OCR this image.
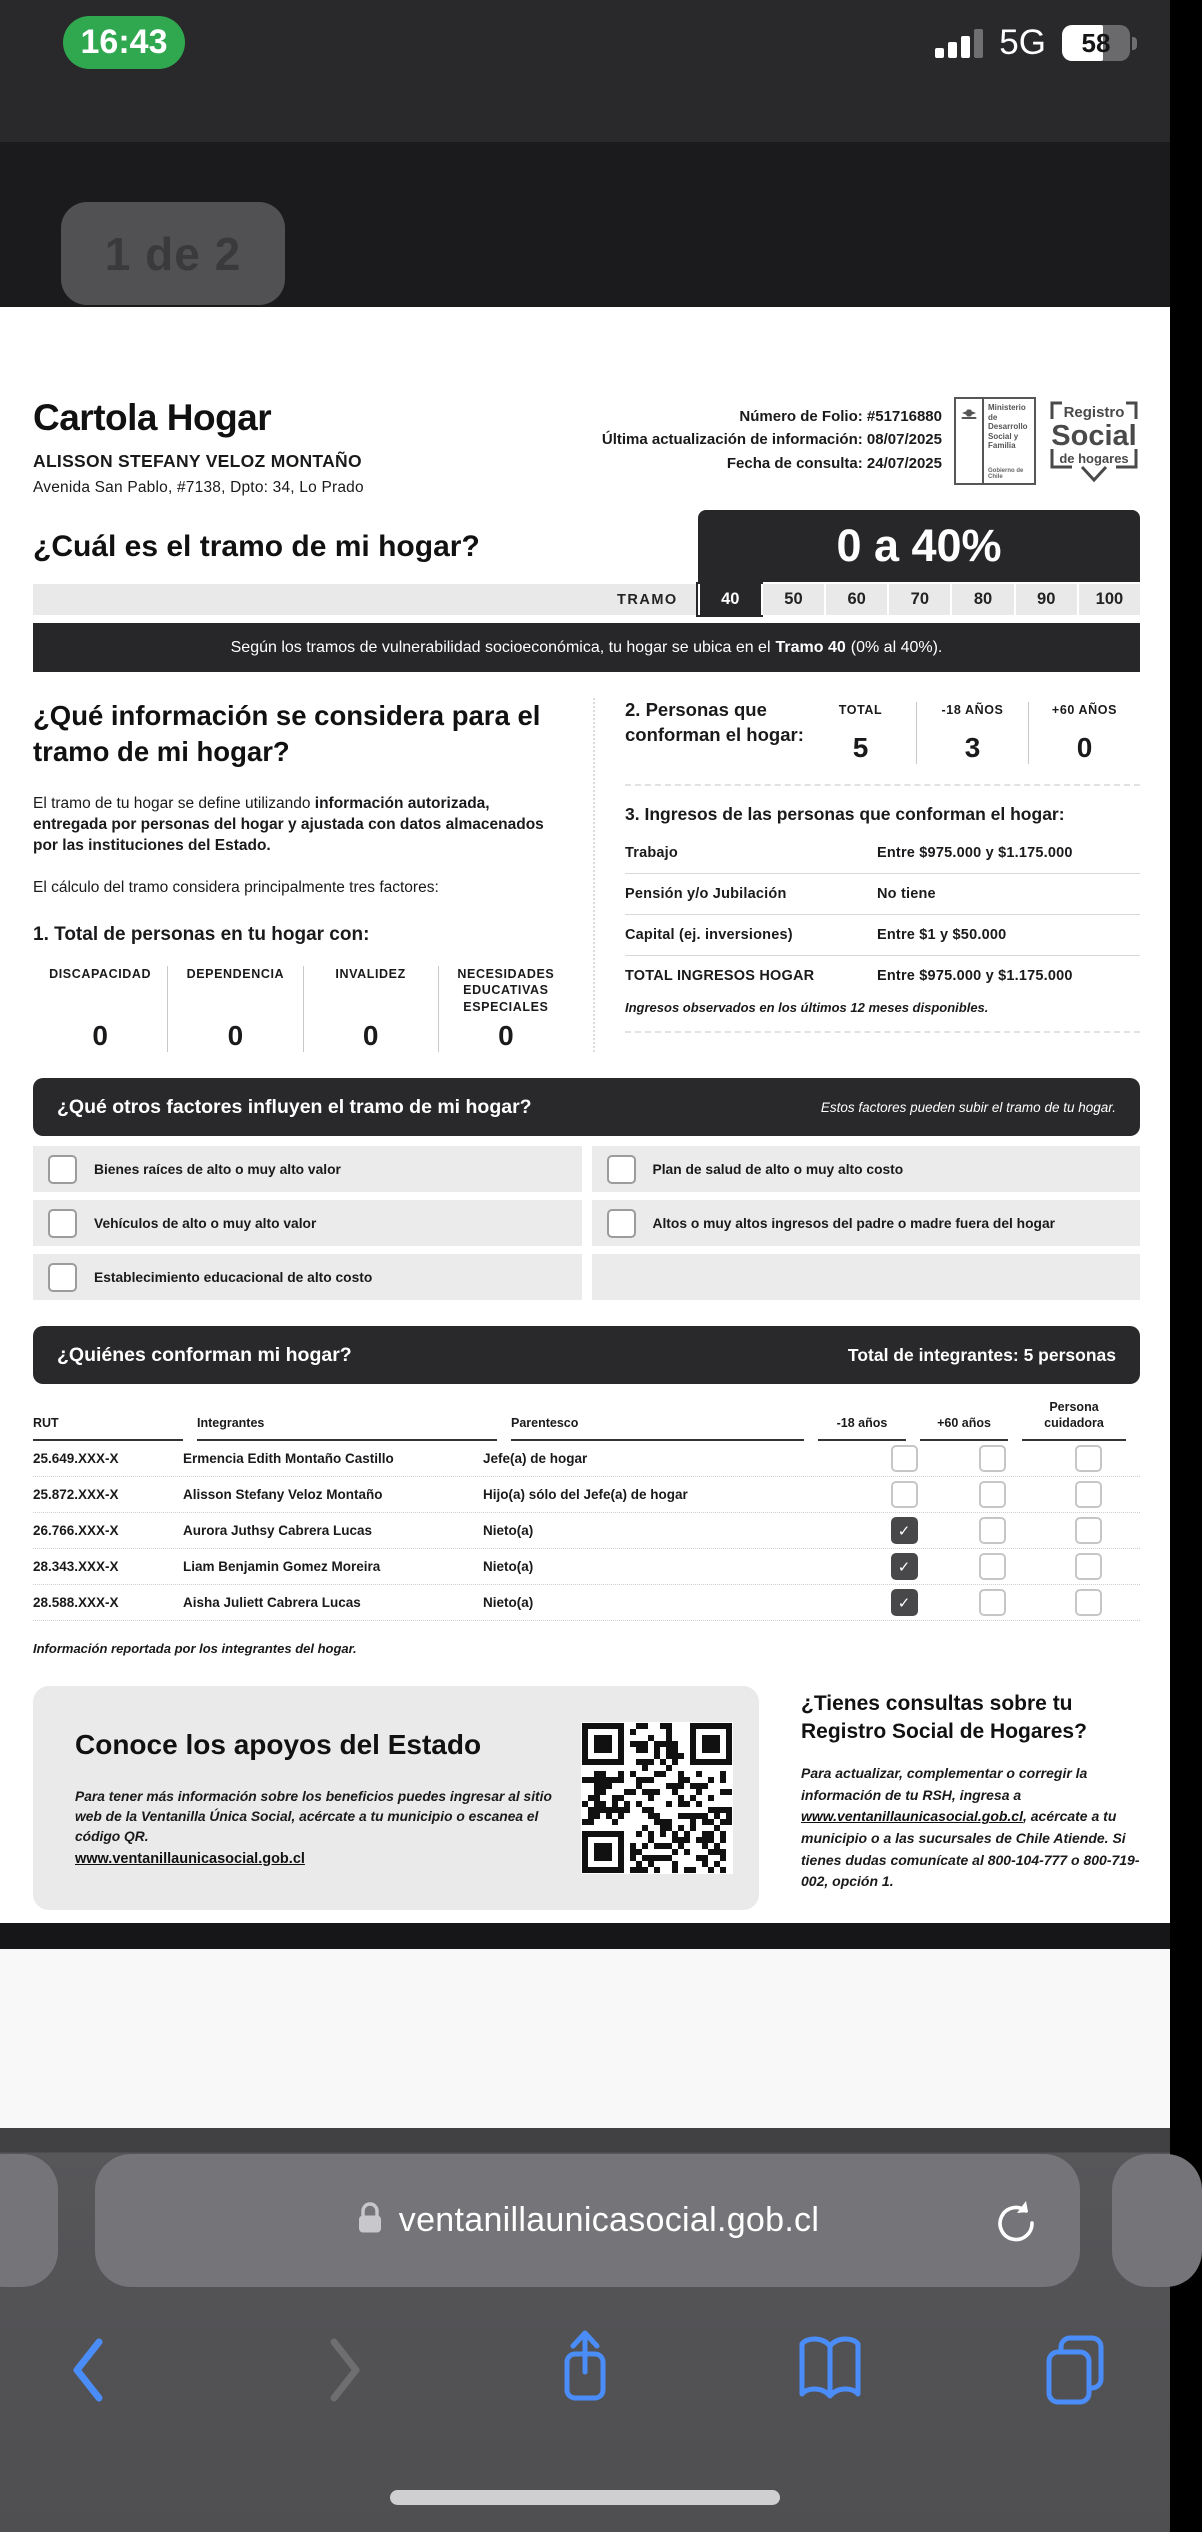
16:43	5G	58
1 de 2
Cartola Hogar
ALISSON STEFANY VELOZ MONTAÑO
Avenida San Pablo, #7138, Dpto: 34, Lo Prado
Número de Folio: #51716880
Última actualización de información: 08/07/2025
Fecha de consulta: 24/07/2025
Ministerio de
Desarrollo
Social y
Familia
Gobierno de Chile
Registro
Social
de hogares
¿Cuál es el tramo de mi hogar?	0 a 40%
TRAMO	40	50	60	70	80	90	100
Según los tramos de vulnerabilidad socioeconómica, tu hogar se ubica en el Tramo 40 (0% al 40%).
¿Qué información se considera para el tramo de mi hogar?
El tramo de tu hogar se define utilizando información autorizada, entregada por personas del hogar y ajustada con datos almacenados por las instituciones del Estado.
El cálculo del tramo considera principalmente tres factores:
1. Total de personas en tu hogar con:
DISCAPACIDAD
0
DEPENDENCIA
0
INVALIDEZ
0
NECESIDADES EDUCATIVAS ESPECIALES
0
2. Personas que conforman el hogar:
TOTAL
5
-18 AÑOS
3
+60 AÑOS
0
3. Ingresos de las personas que conforman el hogar:
Trabajo	Entre $975.000 y $1.175.000
Pensión y/o Jubilación	No tiene
Capital (ej. inversiones)	Entre $1 y $50.000
TOTAL INGRESOS HOGAR	Entre $975.000 y $1.175.000
Ingresos observados en los últimos 12 meses disponibles.
¿Qué otros factores influyen el tramo de mi hogar?	Estos factores pueden subir el tramo de tu hogar.
Bienes raíces de alto o muy alto valor	Plan de salud de alto o muy alto costo
Vehículos de alto o muy alto valor	Altos o muy altos ingresos del padre o madre fuera del hogar
Establecimiento educacional de alto costo
¿Quiénes conforman mi hogar?	Total de integrantes: 5 personas
RUT	Integrantes	Parentesco	-18 años	+60 años
Persona cuidadora
25.649.XXX-X	Ermencia Edith Montaño Castillo	Jefe(a) de hogar
25.872.XXX-X	Alisson Stefany Veloz Montaño	Hijo(a) sólo del Jefe(a) de hogar
26.766.XXX-X	Aurora Juthsy Cabrera Lucas	Nieto(a)	✓
28.343.XXX-X	Liam Benjamin Gomez Moreira	Nieto(a)	✓
28.588.XXX-X	Aisha Juliett Cabrera Lucas	Nieto(a)	✓
Información reportada por los integrantes del hogar.
Conoce los apoyos del Estado
Para tener más información sobre los beneficios puedes ingresar al sitio web de la Ventanilla Única Social, acércate a tu municipio o escanea el código QR.
www.ventanillaunicasocial.gob.cl
¿Tienes consultas sobre tu Registro Social de Hogares?
Para actualizar, complementar o corregir la información de tu RSH, ingresa a www.ventanillaunicasocial.gob.cl, acércate a tu municipio o a las sucursales de Chile Atiende. Si tienes dudas comunícate al 800-104-777 o 800-719-002, opción 1.
ventanillaunicasocial.gob.cl
